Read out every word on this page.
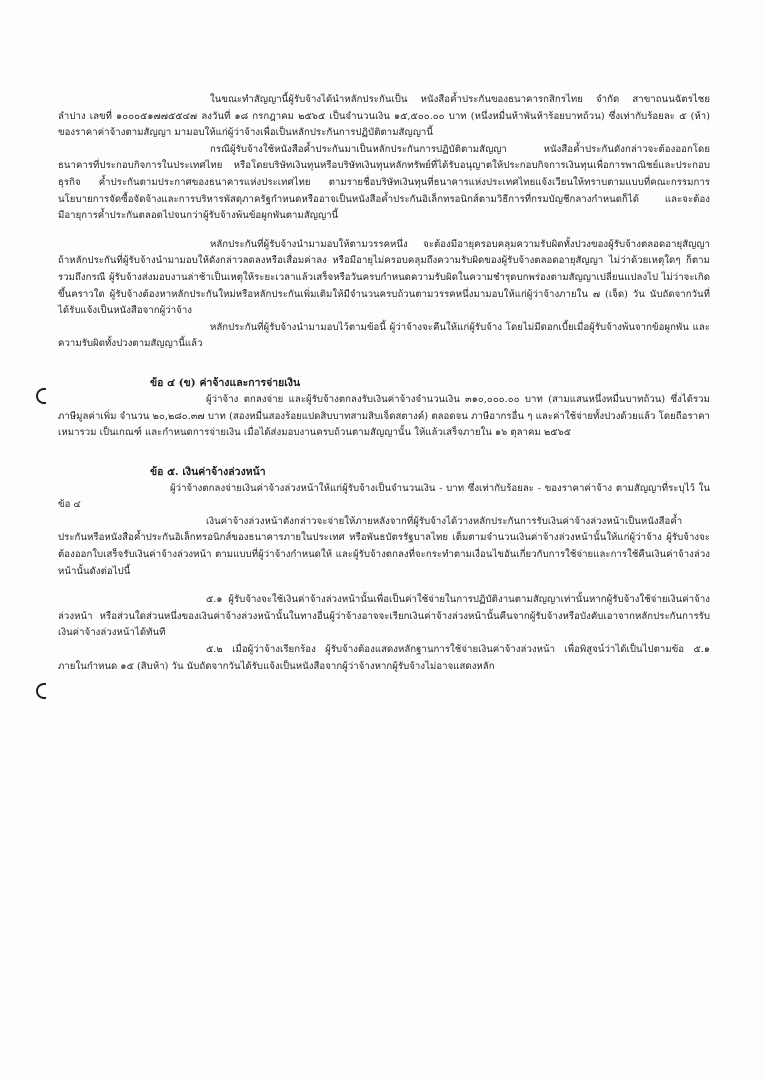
ในขณะทำสัญญานี้ผู้รับจ้างได้นำหลักประกันเป็น หนังสือค้ำประกันของธนาคารกสิกรไทย จำกัด สาขาถนนฉัตรไชย ลำปาง เลขที่ ๑๐๐๐๕๑๗๗๕๕๔๗ ลงวันที่ ๑๘ กรกฎาคม ๒๕๖๕ เป็นจำนวนเงิน ๑๕,๕๐๐.๐๐ บาท (หนึ่งหมื่นห้าพันห้าร้อยบาทถ้วน) ซึ่งเท่ากับร้อยละ ๕ (ห้า) ของราคาค่าจ้างตามสัญญา มามอบให้แก่ผู้ว่าจ้างเพื่อเป็นหลักประกันการปฏิบัติตามสัญญานี้

กรณีผู้รับจ้างใช้หนังสือค้ำประกันมาเป็นหลักประกันการปฏิบัติตามสัญญา หนังสือค้ำประกันดังกล่าวจะต้องออกโดยธนาคารที่ประกอบกิจการในประเทศไทย หรือโดยบริษัทเงินทุนหรือบริษัทเงินทุนหลักทรัพย์ที่ได้รับอนุญาตให้ประกอบกิจการเงินทุนเพื่อการพาณิชย์และประกอบธุรกิจ ค้ำประกันตามประกาศของธนาคารแห่งประเทศไทย ตามรายชื่อบริษัทเงินทุนที่ธนาคารแห่งประเทศไทยแจ้งเวียนให้ทราบตามแบบที่คณะกรรมการนโยบายการจัดซื้อจัดจ้างและการบริหารพัสดุภาครัฐกำหนดหรืออาจเป็นหนังสือค้ำประกันอิเล็กทรอนิกส์ตามวิธีการที่กรมบัญชีกลางกำหนดก็ได้ และจะต้องมีอายุการค้ำประกันตลอดไปจนกว่าผู้รับจ้างพ้นข้อผูกพันตามสัญญานี้

หลักประกันที่ผู้รับจ้างนำมามอบให้ตามวรรคหนึ่ง จะต้องมีอายุครอบคลุมความรับผิดทั้งปวงของผู้รับจ้างตลอดอายุสัญญา ถ้าหลักประกันที่ผู้รับจ้างนำมามอบให้ดังกล่าวลดลงหรือเสื่อมค่าลง หรือมีอายุไม่ครอบคลุมถึงความรับผิดของผู้รับจ้างตลอดอายุสัญญา ไม่ว่าด้วยเหตุใดๆ ก็ตาม รวมถึงกรณี ผู้รับจ้างส่งมอบงานล่าช้าเป็นเหตุให้ระยะเวลาแล้วเสร็จหรือวันครบกำหนดความรับผิดในความชำรุดบกพร่องตามสัญญาเปลี่ยนแปลงไป ไม่ว่าจะเกิดขึ้นคราวใด ผู้รับจ้างต้องหาหลักประกันใหม่หรือหลักประกันเพิ่มเติมให้มีจำนวนครบถ้วนตามวรรคหนึ่งมามอบให้แก่ผู้ว่าจ้างภายใน ๗ (เจ็ด) วัน นับถัดจากวันที่ได้รับแจ้งเป็นหนังสือจากผู้ว่าจ้าง

หลักประกันที่ผู้รับจ้างนำมามอบไว้ตามข้อนี้ ผู้ว่าจ้างจะคืนให้แก่ผู้รับจ้าง โดยไม่มีดอกเบี้ยเมื่อผู้รับจ้างพ้นจากข้อผูกพัน และความรับผิดทั้งปวงตามสัญญานี้แล้ว

ข้อ ๔ (ข) ค่าจ้างและการจ่ายเงิน

ผู้ว่าจ้าง ตกลงจ่าย และผู้รับจ้างตกลงรับเงินค่าจ้างจำนวนเงิน ๓๑๐,๐๐๐.๐๐ บาท (สามแสนหนึ่งหมื่นบาทถ้วน) ซึ่งได้รวมภาษีมูลค่าเพิ่ม จำนวน ๒๐,๒๘๐.๓๗ บาท (สองหมื่นสองร้อยแปดสิบบาทสามสิบเจ็ดสตางค์) ตลอดจน ภาษีอากรอื่น ๆ และค่าใช้จ่ายทั้งปวงด้วยแล้ว โดยถือราคาเหมารวม เป็นเกณฑ์ และกำหนดการจ่ายเงิน เมื่อได้ส่งมอบงานครบถ้วนตามสัญญานั้น ให้แล้วเสร็จภายใน ๑๖ ตุลาคม ๒๕๖๕

ข้อ ๕. เงินค่าจ้างล่วงหน้า

ผู้ว่าจ้างตกลงจ่ายเงินค่าจ้างล่วงหน้าให้แก่ผู้รับจ้างเป็นจำนวนเงิน - บาท ซึ่งเท่ากับร้อยละ - ของราคาค่าจ้าง ตามสัญญาที่ระบุไว้ ในข้อ ๔

เงินค่าจ้างล่วงหน้าดังกล่าวจะจ่ายให้ภายหลังจากที่ผู้รับจ้างได้วางหลักประกันการรับเงินค่าจ้างล่วงหน้าเป็นหนังสือค้ำประกันหรือหนังสือค้ำประกันอิเล็กทรอนิกส์ของธนาคารภายในประเทศ หรือพันธบัตรรัฐบาลไทย เต็มตามจำนวนเงินค่าจ้างล่วงหน้านั้นให้แก่ผู้ว่าจ้าง ผู้รับจ้างจะต้องออกใบเสร็จรับเงินค่าจ้างล่วงหน้า ตามแบบที่ผู้ว่าจ้างกำหนดให้ และผู้รับจ้างตกลงที่จะกระทำตามเงื่อนไขอันเกี่ยวกับการใช้จ่ายและการใช้คืนเงินค่าจ้างล่วงหน้านั้นดังต่อไปนี้

๕.๑ ผู้รับจ้างจะใช้เงินค่าจ้างล่วงหน้านั้นเพื่อเป็นค่าใช้จ่ายในการปฏิบัติงานตามสัญญาเท่านั้นหากผู้รับจ้างใช้จ่ายเงินค่าจ้างล่วงหน้า หรือส่วนใดส่วนหนึ่งของเงินค่าจ้างล่วงหน้านั้นในทางอื่นผู้ว่าจ้างอาจจะเรียกเงินค่าจ้างล่วงหน้านั้นคืนจากผู้รับจ้างหรือบังคับเอาจากหลักประกันการรับเงินค่าจ้างล่วงหน้าได้ทันที

๕.๒ เมื่อผู้ว่าจ้างเรียกร้อง ผู้รับจ้างต้องแสดงหลักฐานการใช้จ่ายเงินค่าจ้างล่วงหน้า เพื่อพิสูจน์ว่าได้เป็นไปตามข้อ ๕.๑ ภายในกำหนด ๑๕ (สิบห้า) วัน นับถัดจากวันได้รับแจ้งเป็นหนังสือจากผู้ว่าจ้างหากผู้รับจ้างไม่อาจแสดงหลัก
